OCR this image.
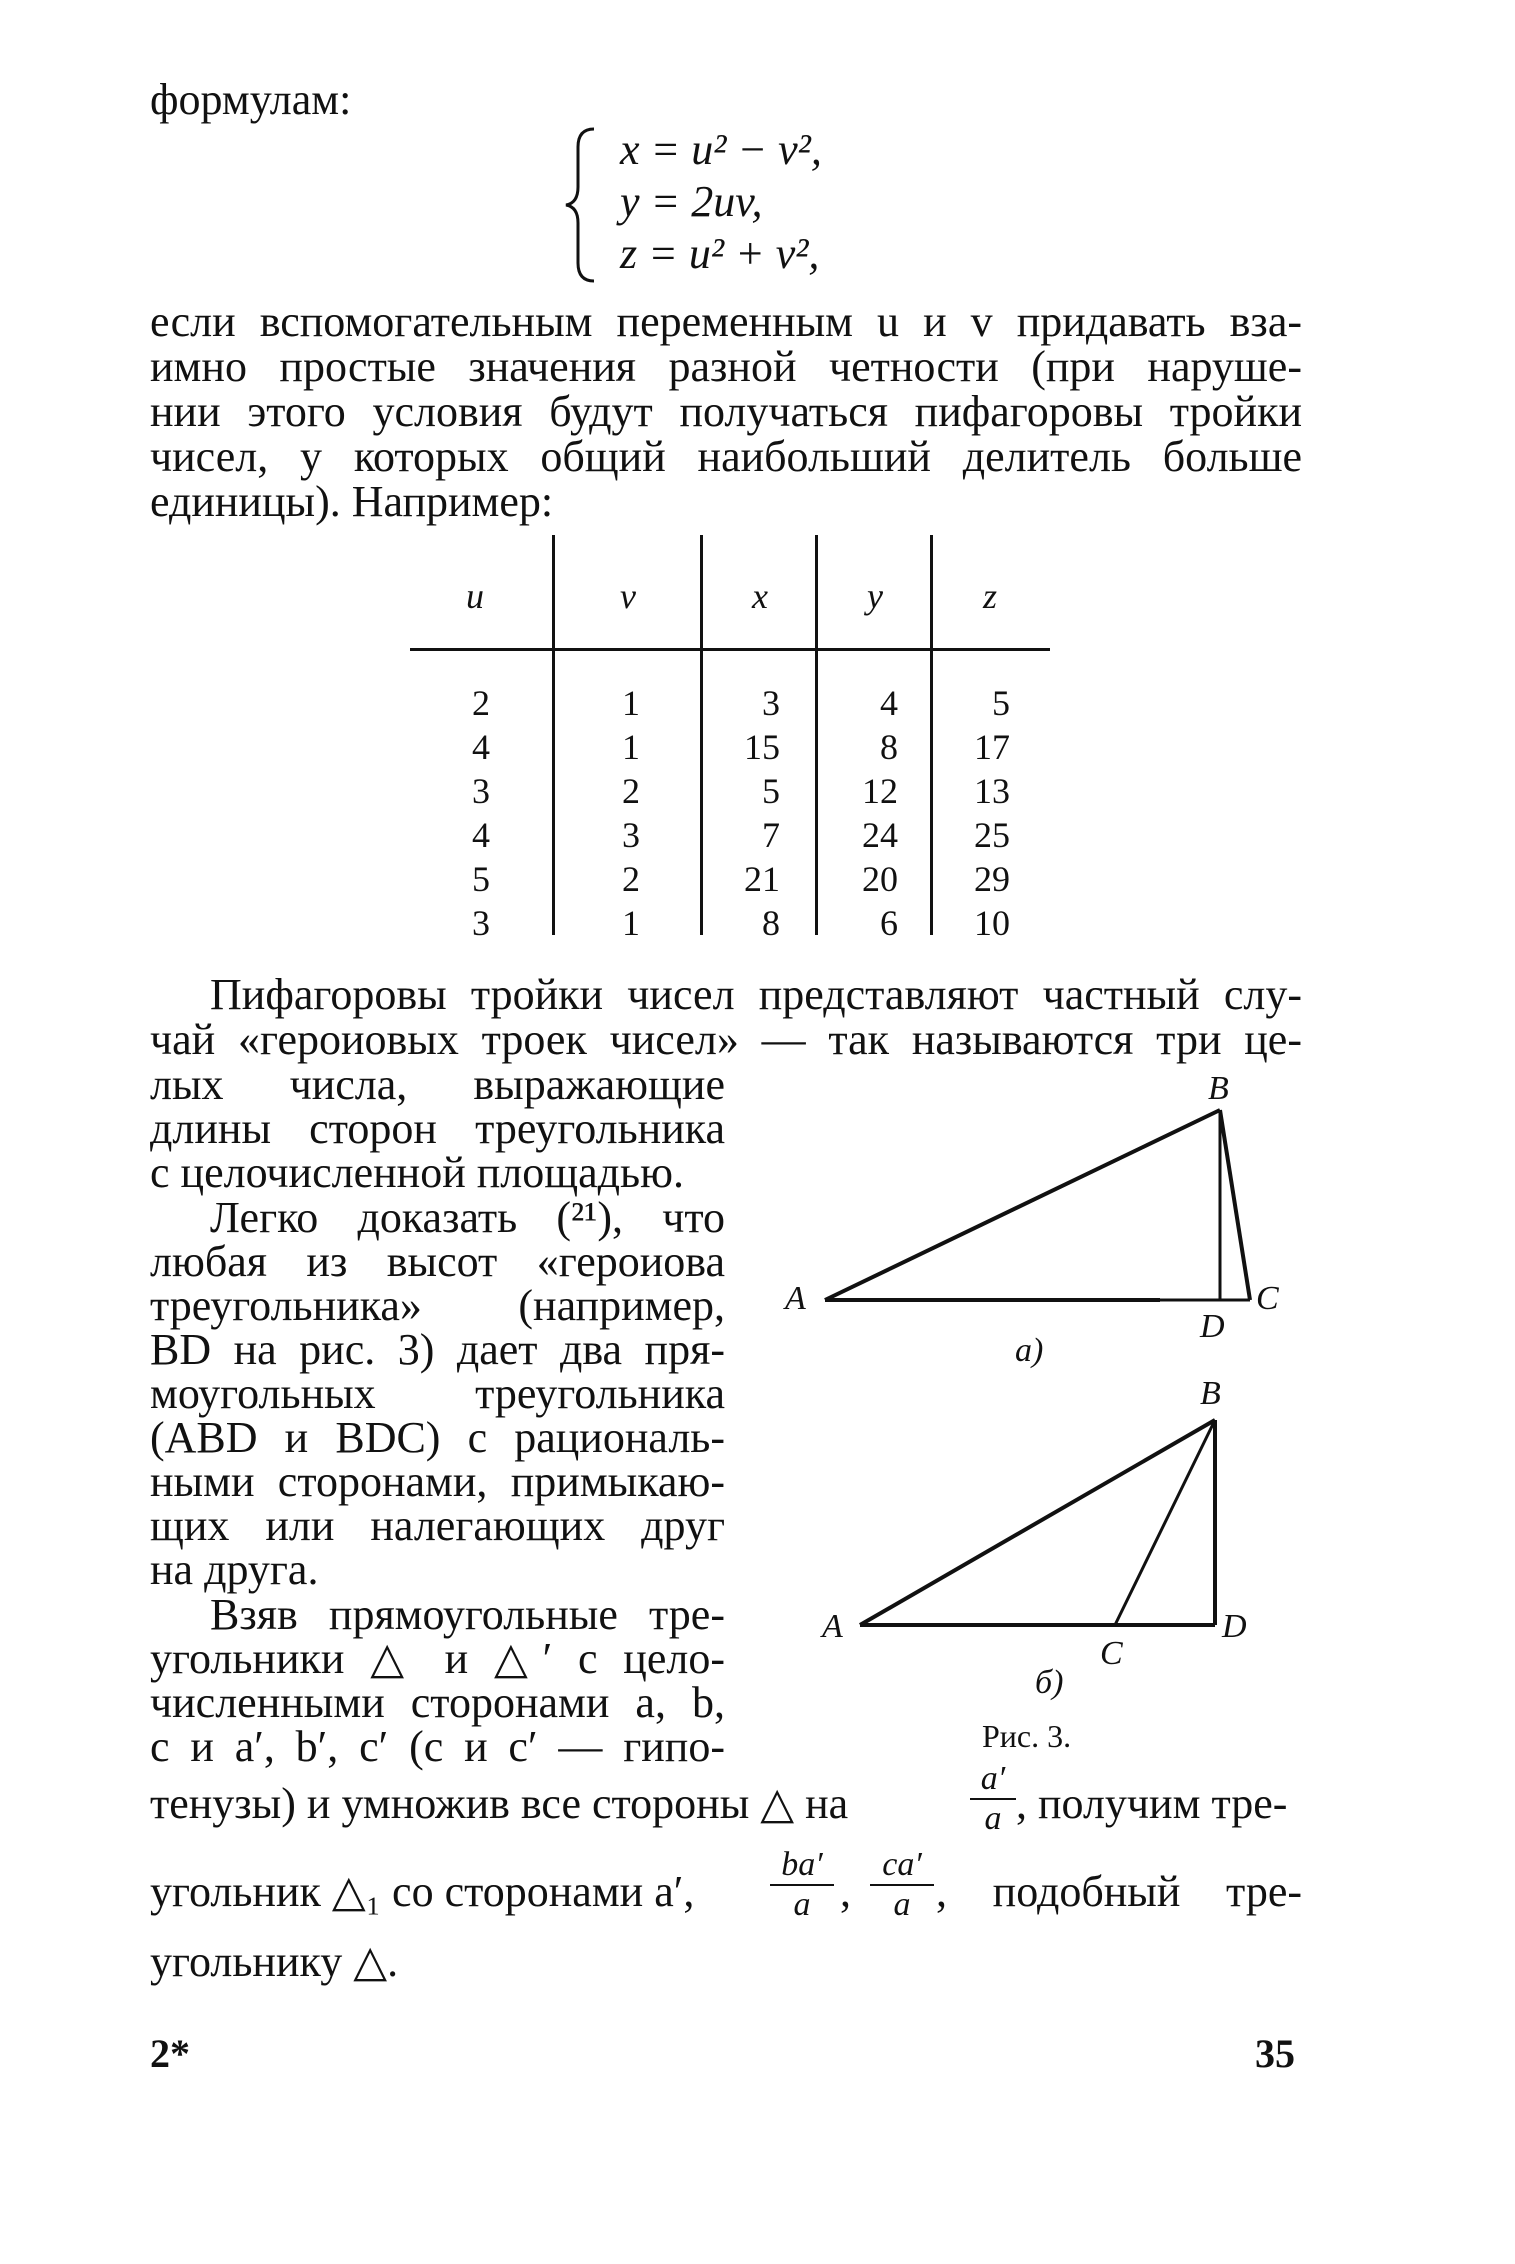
формулам:
x = u² − v²,
y = 2uv,
z = u² + v²,
если вспомогательным переменным u и v придавать вза-
имно простые значения разной четности (при наруше-
нии этого условия будут получаться пифагоровы тройки
чисел, у которых общий наибольший делитель больше
единицы). Например:
u	v	x	y	z
2	1	3	4	5
4	1	15	8	17
3	2	5	12	13
4	3	7	24	25
5	2	21	20	29
3	1	8	6	10
Пифагоровы тройки чисел представляют частный слу-
чай «героиовых троек чисел» — так называются три це-
лых числа, выражающие
длины сторон треугольника
с целочисленной площадью.
Легко доказать (²¹), что
любая из высот «героиова
треугольника» (например,
BD на рис. 3) дает два пря-
моугольных треугольника
(ABD и BDC) с рациональ-
ными сторонами, примыкаю-
щих или налегающих друг
на друга.
Взяв прямоугольные тре-
угольники △ и △′ с цело-
численными сторонами a, b,
c и a′, b′, c′ (c и c′ — гипо-
тенузы) и умножив все стороны △ на	$\frac{a'}{a}$ , получим тре-
угольник △₁ со сторонами a′, $\frac{ba'}{a}$ , $\frac{ca'}{a}$ , подобный тре-
угольнику △.
B
A
D
C
а)
B
A	D
C
б)
Рис. 3.
2*	35
